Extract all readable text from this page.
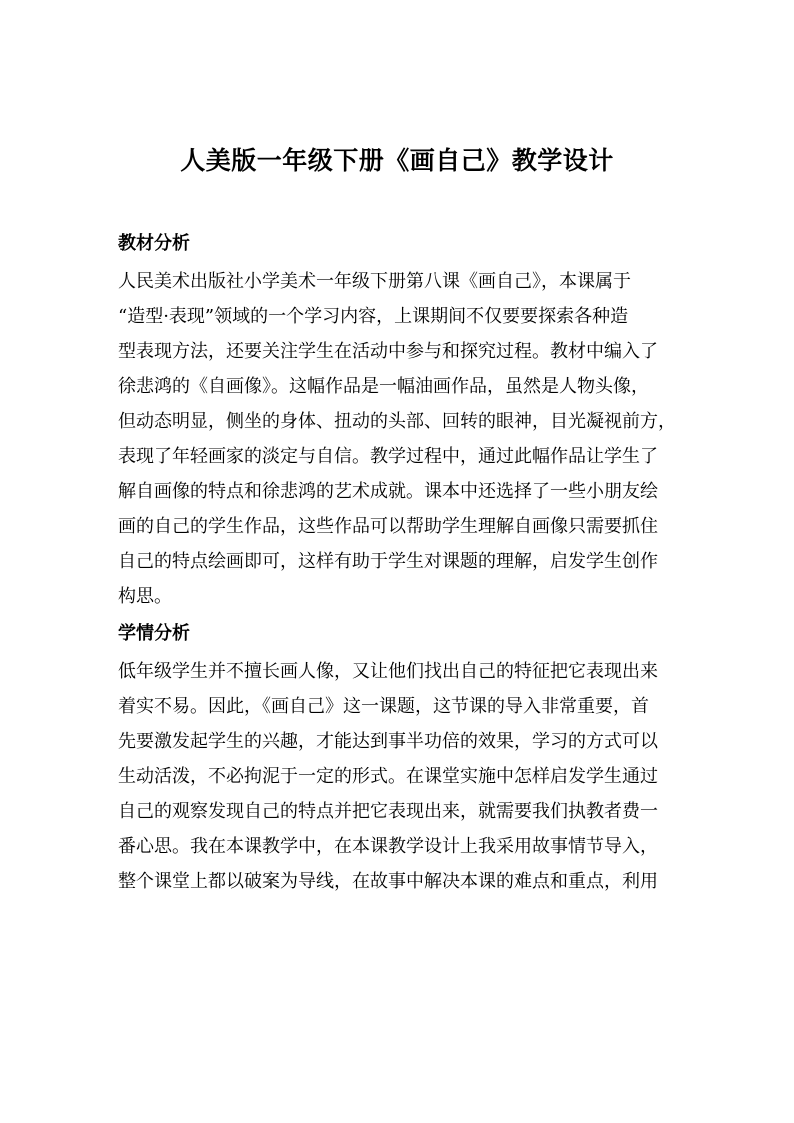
人美版一年级下册《画自己》教学设计
教材分析
人民美术出版社小学美术一年级下册第八课《画自己》，本课属于
“造型·表现”领域的一个学习内容，上课期间不仅要要探索各种造
型表现方法，还要关注学生在活动中参与和探究过程。教材中编入了
徐悲鸿的《自画像》。这幅作品是一幅油画作品，虽然是人物头像，
但动态明显，侧坐的身体、扭动的头部、回转的眼神，目光凝视前方，
表现了年轻画家的淡定与自信。教学过程中，通过此幅作品让学生了
解自画像的特点和徐悲鸿的艺术成就。课本中还选择了一些小朋友绘
画的自己的学生作品，这些作品可以帮助学生理解自画像只需要抓住
自己的特点绘画即可，这样有助于学生对课题的理解，启发学生创作
构思。
学情分析
低年级学生并不擅长画人像，又让他们找出自己的特征把它表现出来
着实不易。因此，《画自己》这一课题，这节课的导入非常重要，首
先要激发起学生的兴趣，才能达到事半功倍的效果，学习的方式可以
生动活泼，不必拘泥于一定的形式。在课堂实施中怎样启发学生通过
自己的观察发现自己的特点并把它表现出来，就需要我们执教者费一
番心思。我在本课教学中，在本课教学设计上我采用故事情节导入，
整个课堂上都以破案为导线，在故事中解决本课的难点和重点，利用
